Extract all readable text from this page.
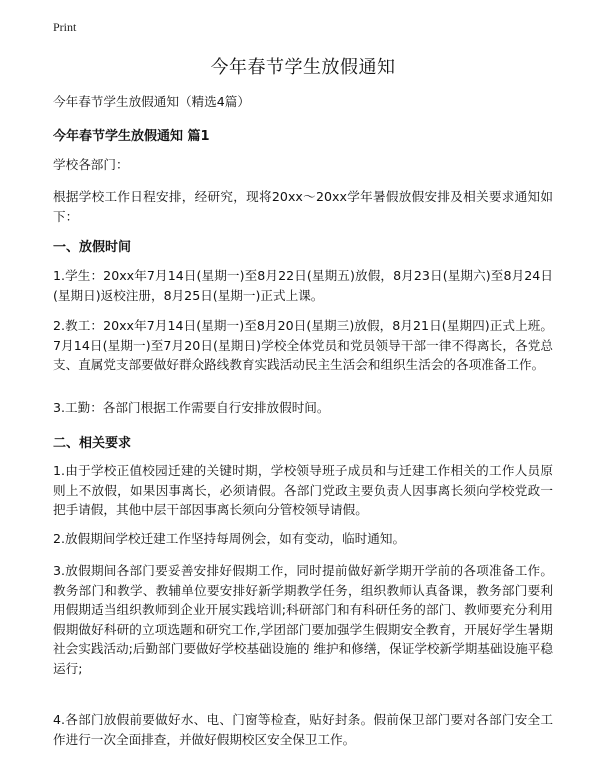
Print
今年春节学生放假通知

今年春节学生放假通知（精选4篇）

今年春节学生放假通知 篇1

学校各部门：

根据学校工作日程安排，经研究，现将20xx～20xx学年暑假放假安排及相关要求通知如下：

一、放假时间

1.学生：20xx年7月14日(星期一)至8月22日(星期五)放假，8月23日(星期六)至8月24日(星期日)返校注册，8月25日(星期一)正式上课。

2.教工：20xx年7月14日(星期一)至8月20日(星期三)放假，8月21日(星期四)正式上班。7月14日(星期一)至7月20日(星期日)学校全体党员和党员领导干部一律不得离长，各党总支、直属党支部要做好群众路线教育实践活动民主生活会和组织生活会的各项准备工作。

3.工勤：各部门根据工作需要自行安排放假时间。

二、相关要求

1.由于学校正值校园迁建的关键时期，学校领导班子成员和与迁建工作相关的工作人员原则上不放假，如果因事离长，必须请假。各部门党政主要负责人因事离长须向学校党政一把手请假，其他中层干部因事离长须向分管校领导请假。

2.放假期间学校迁建工作坚持每周例会，如有变动，临时通知。

3.放假期间各部门要妥善安排好假期工作，同时提前做好新学期开学前的各项准备工作。教务部门和教学、教辅单位要安排好新学期教学任务，组织教师认真备课，教务部门要利用假期适当组织教师到企业开展实践培训;科研部门和有科研任务的部门、教师要充分利用假期做好科研的立项选题和研究工作,学团部门要加强学生假期安全教育，开展好学生暑期社会实践活动;后勤部门要做好学校基础设施的 维护和修缮，保证学校新学期基础设施平稳运行;

4.各部门放假前要做好水、电、门窗等检查，贴好封条。假前保卫部门要对各部门安全工作进行一次全面排查，并做好假期校区安全保卫工作。
